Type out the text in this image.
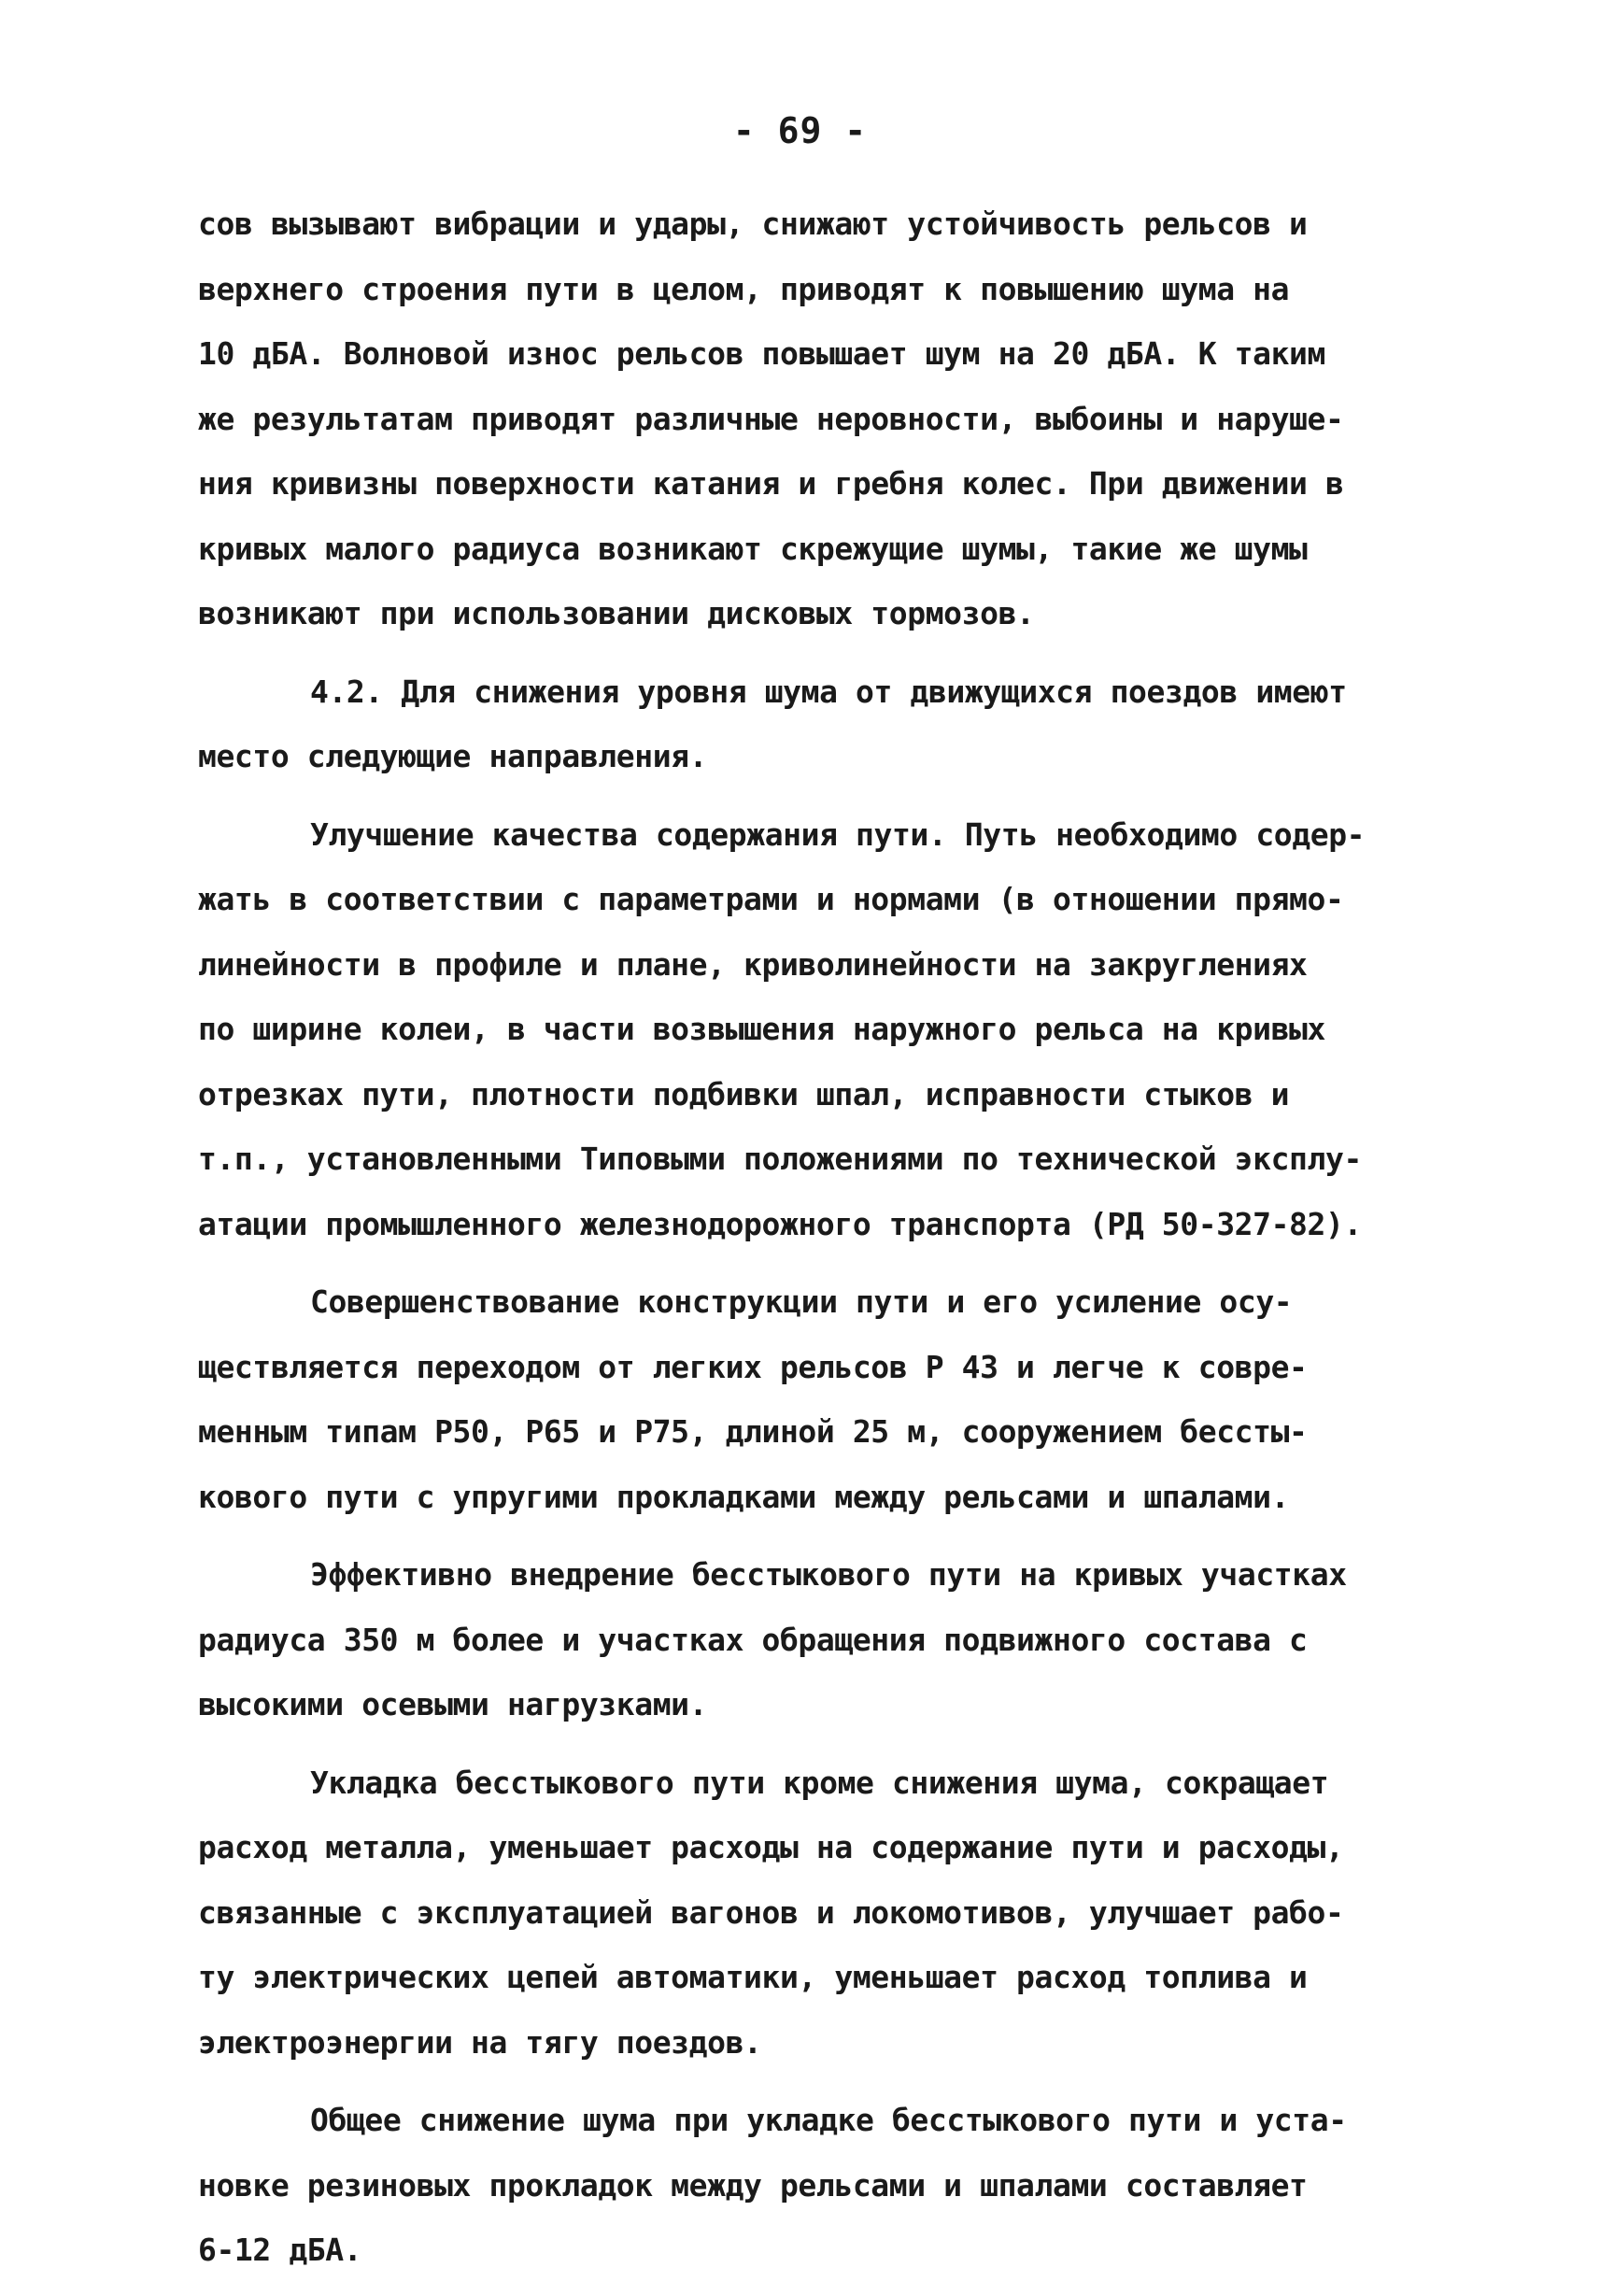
- 69 -
сов вызывают вибрации и удары, снижают устойчивость рельсов и
верхнего строения пути в целом, приводят к повышению шума на
10 дБА. Волновой износ рельсов повышает шум на 20 дБА. К таким
же результатам приводят различные неровности, выбоины и наруше-
ния кривизны поверхности катания и гребня колес. При движении в
кривых малого радиуса возникают скрежущие шумы, такие же шумы
возникают при использовании дисковых тормозов.
4.2. Для снижения уровня шума от движущихся поездов имеют
место следующие направления.
Улучшение качества содержания пути. Путь необходимо содер-
жать в соответствии с параметрами и нормами (в отношении прямо-
линейности в профиле и плане, криволинейности на закруглениях
по ширине колеи, в части возвышения наружного рельса на кривых
отрезках пути, плотности подбивки шпал, исправности стыков и
т.п., установленными Типовыми положениями по технической эксплу-
атации промышленного железнодорожного транспорта (РД 50-327-82).
Совершенствование конструкции пути и его усиление осу-
ществляется переходом от легких рельсов Р 43 и легче к совре-
менным типам Р50, Р65 и Р75, длиной 25 м, сооружением бессты-
кового пути с упругими прокладками между рельсами и шпалами.
Эффективно внедрение бесстыкового пути на кривых участках
радиуса 350 м более и участках обращения подвижного состава с
высокими осевыми нагрузками.
Укладка бесстыкового пути кроме снижения шума, сокращает
расход металла, уменьшает расходы на содержание пути и расходы,
связанные с эксплуатацией вагонов и локомотивов, улучшает рабо-
ту электрических цепей автоматики, уменьшает расход топлива и
электроэнергии на тягу поездов.
Общее снижение шума при укладке бесстыкового пути и уста-
новке резиновых прокладок между рельсами и шпалами составляет
6-12 дБА.
